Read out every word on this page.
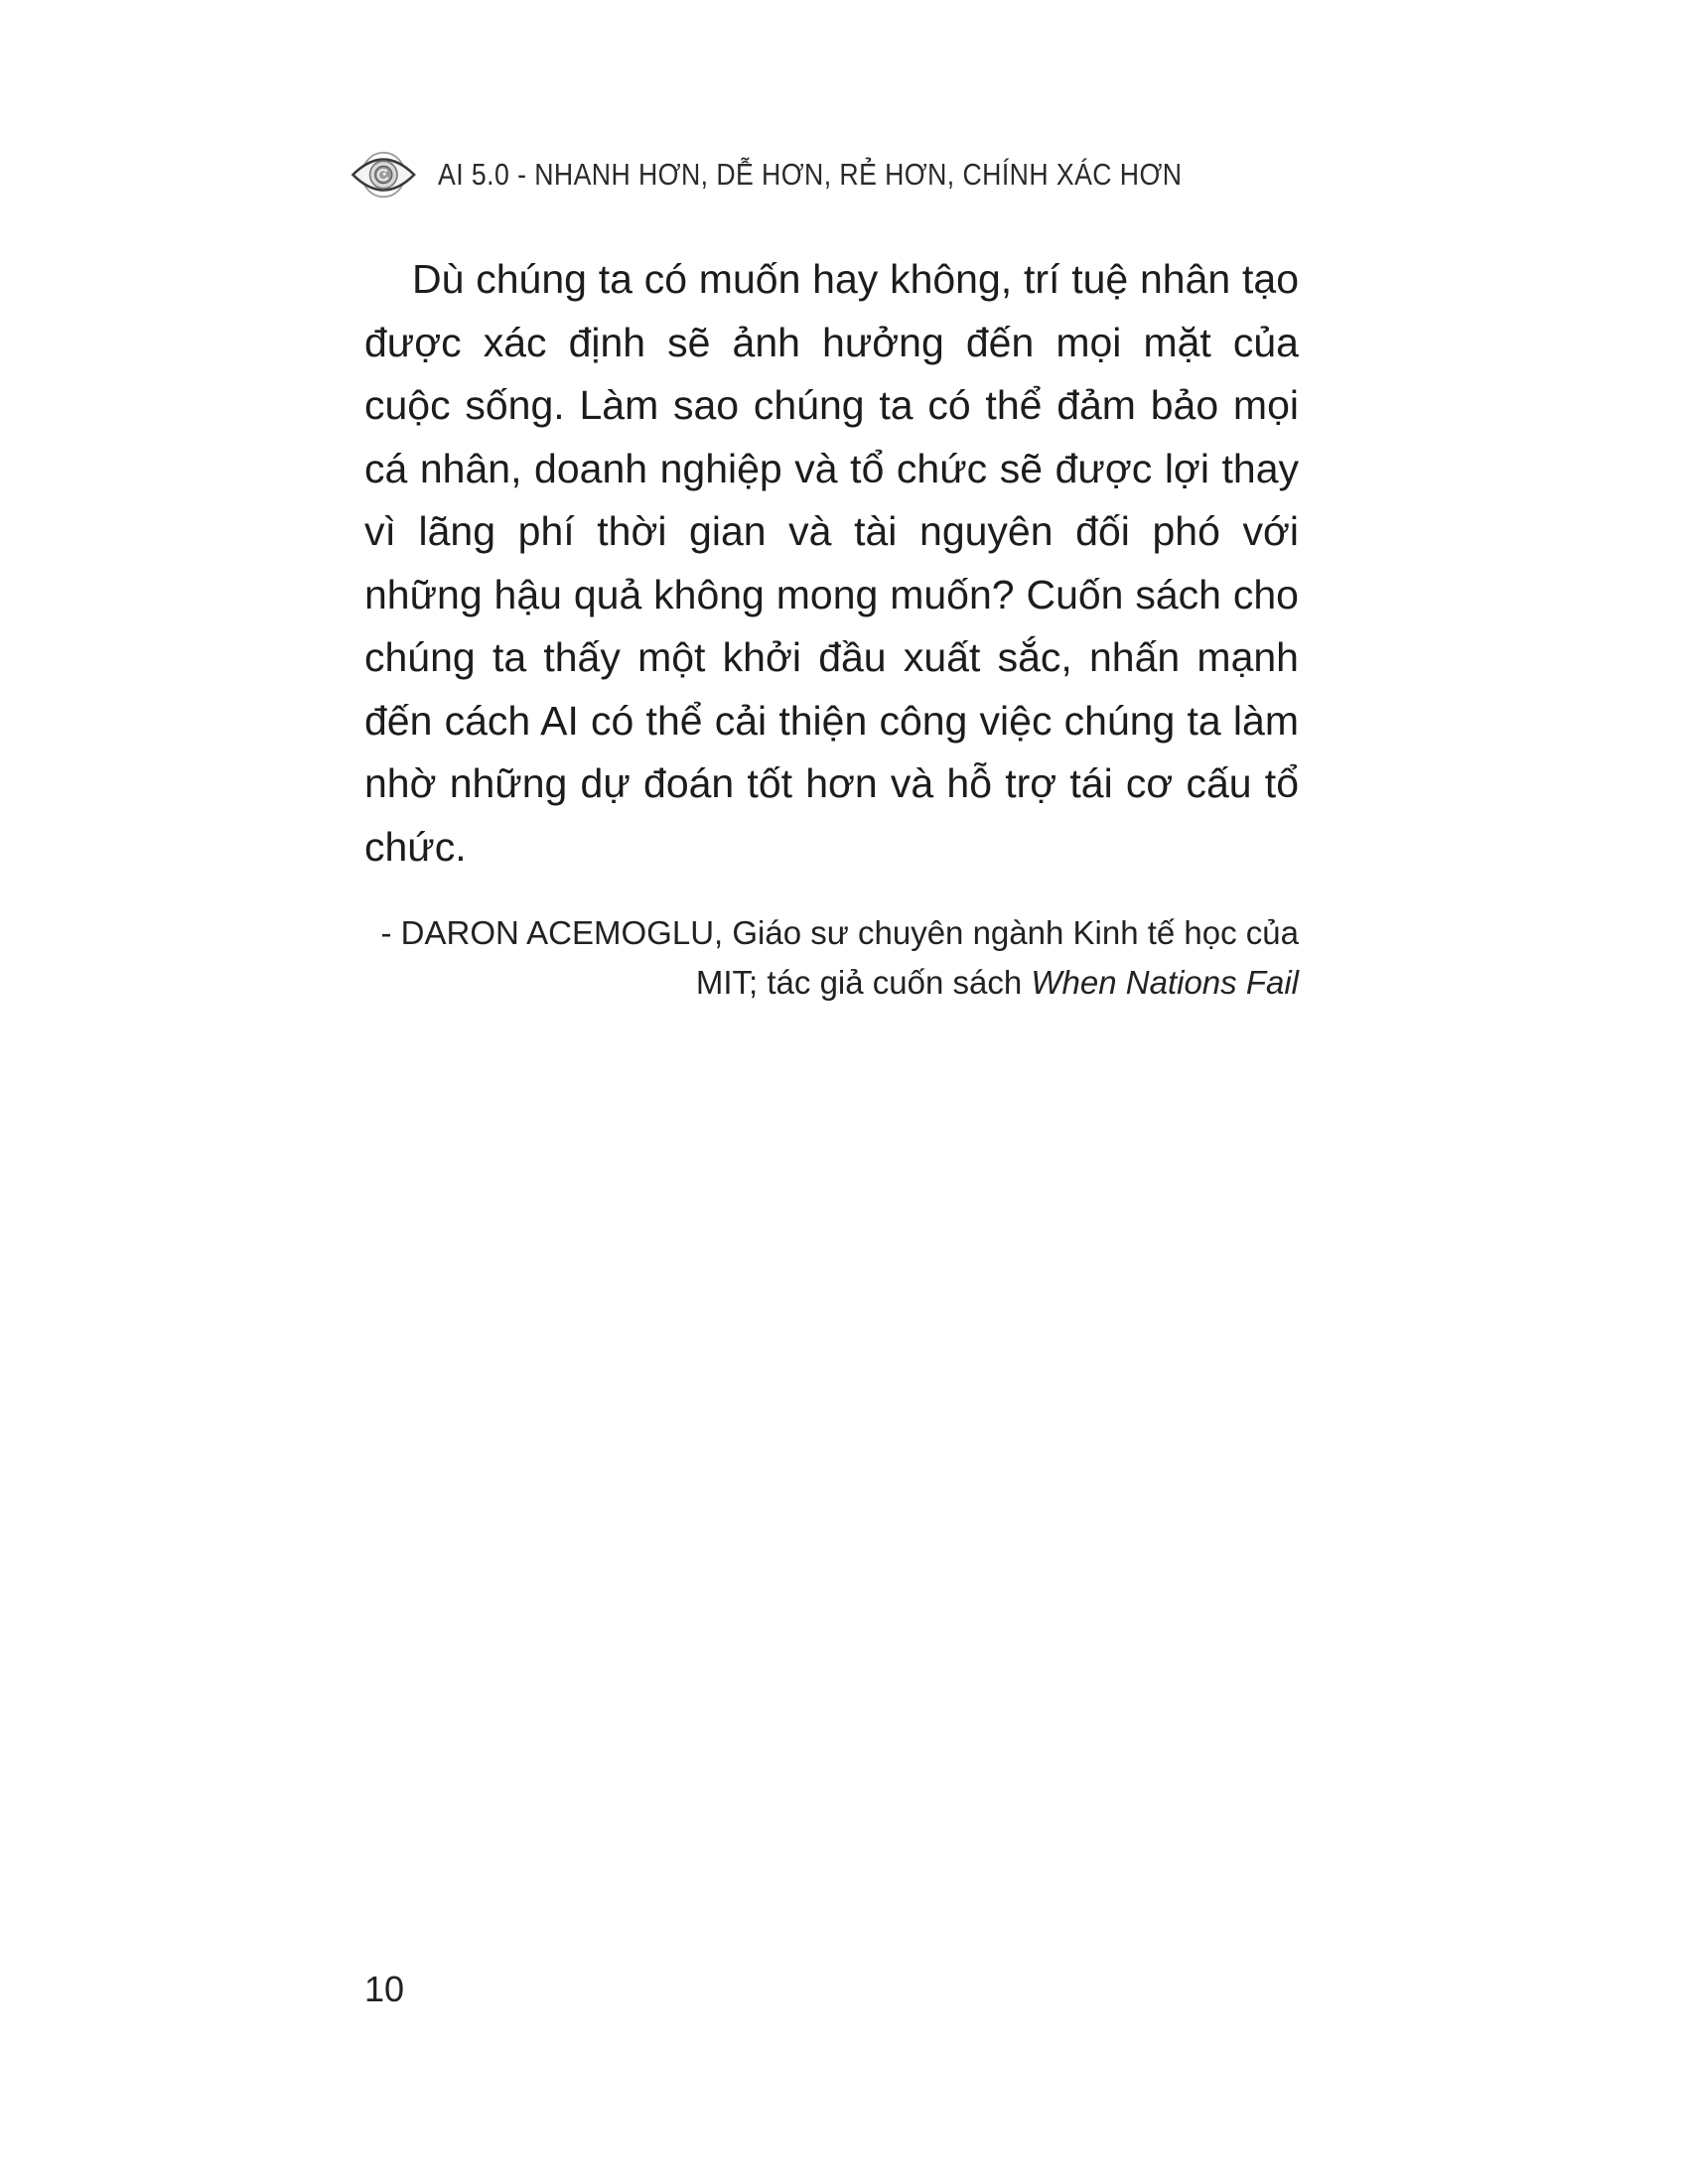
AI 5.0 - NHANH HƠN, DỄ HƠN, RẺ HƠN, CHÍNH XÁC HƠN

Dù chúng ta có muốn hay không, trí tuệ nhân tạo được xác định sẽ ảnh hưởng đến mọi mặt của cuộc sống. Làm sao chúng ta có thể đảm bảo mọi cá nhân, doanh nghiệp và tổ chức sẽ được lợi thay vì lãng phí thời gian và tài nguyên đối phó với những hậu quả không mong muốn? Cuốn sách cho chúng ta thấy một khởi đầu xuất sắc, nhấn mạnh đến cách AI có thể cải thiện công việc chúng ta làm nhờ những dự đoán tốt hơn và hỗ trợ tái cơ cấu tổ chức.

- DARON ACEMOGLU, Giáo sư chuyên ngành Kinh tế học của MIT; tác giả cuốn sách When Nations Fail

10
